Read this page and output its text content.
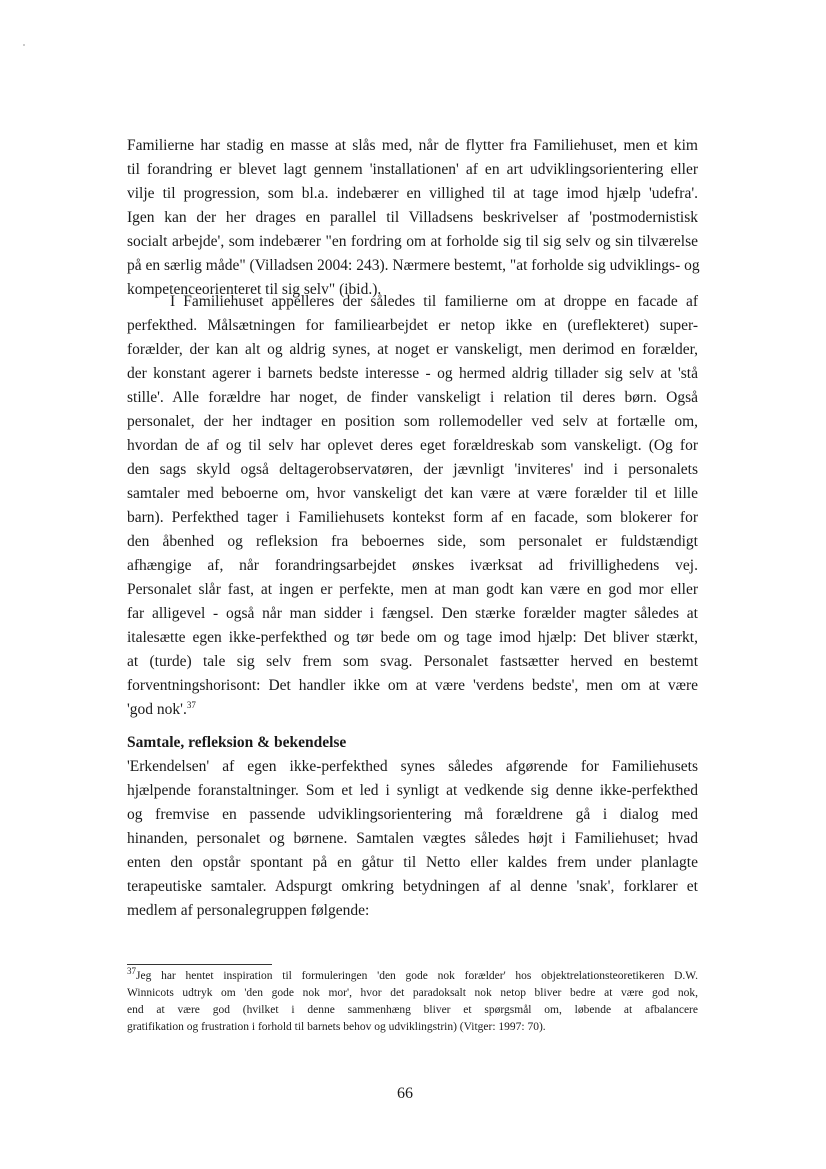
Familierne har stadig en masse at slås med, når de flytter fra Familiehuset, men et kim
til forandring er blevet lagt gennem 'installationen' af en art udviklingsorientering eller
vilje til progression, som bl.a. indebærer en villighed til at tage imod hjælp 'udefra'.
Igen kan der her drages en parallel til Villadsens beskrivelser af 'postmodernistisk
socialt arbejde', som indebærer "en fordring om at forholde sig til sig selv og sin tilværelse
på en særlig måde" (Villadsen 2004: 243). Nærmere bestemt, "at forholde sig udviklings- og
kompetenceorienteret til sig selv" (ibid.).
I Familiehuset appelleres der således til familierne om at droppe en facade af
perfekthed. Målsætningen for familiearbejdet er netop ikke en (ureflekteret) super-
forælder, der kan alt og aldrig synes, at noget er vanskeligt, men derimod en forælder,
der konstant agerer i barnets bedste interesse - og hermed aldrig tillader sig selv at 'stå
stille'. Alle forældre har noget, de finder vanskeligt i relation til deres børn. Også
personalet, der her indtager en position som rollemodeller ved selv at fortælle om,
hvordan de af og til selv har oplevet deres eget forældreskab som vanskeligt. (Og for
den sags skyld også deltagerobservatøren, der jævnligt 'inviteres' ind i personalets
samtaler med beboerne om, hvor vanskeligt det kan være at være forælder til et lille
barn). Perfekthed tager i Familiehusets kontekst form af en facade, som blokerer for
den åbenhed og refleksion fra beboernes side, som personalet er fuldstændigt
afhængige af, når forandringsarbejdet ønskes iværksat ad frivillighedens vej.
Personalet slår fast, at ingen er perfekte, men at man godt kan være en god mor eller
far alligevel - også når man sidder i fængsel. Den stærke forælder magter således at
italesætte egen ikke-perfekthed og tør bede om og tage imod hjælp: Det bliver stærkt,
at (turde) tale sig selv frem som svag. Personalet fastsætter herved en bestemt
forventningshorisont: Det handler ikke om at være 'verdens bedste', men om at være
'god nok'.$^{37}$
Samtale, refleksion & bekendelse
'Erkendelsen' af egen ikke-perfekthed synes således afgørende for Familiehusets
hjælpende foranstaltninger. Som et led i synligt at vedkende sig denne ikke-perfekthed
og fremvise en passende udviklingsorientering må forældrene gå i dialog med
hinanden, personalet og børnene. Samtalen vægtes således højt i Familiehuset; hvad
enten den opstår spontant på en gåtur til Netto eller kaldes frem under planlagte
terapeutiske samtaler. Adspurgt omkring betydningen af al denne 'snak', forklarer et
medlem af personalegruppen følgende:
$^{37}$Jeg har hentet inspiration til formuleringen 'den gode nok forælder' hos objektrelationsteoretikeren D.W.
Winnicots udtryk om 'den gode nok mor', hvor det paradoksalt nok netop bliver bedre at være god nok,
end at være god (hvilket i denne sammenhæng bliver et spørgsmål om, løbende at afbalancere
gratifikation og frustration i forhold til barnets behov og udviklingstrin) (Vitger: 1997: 70).
66
